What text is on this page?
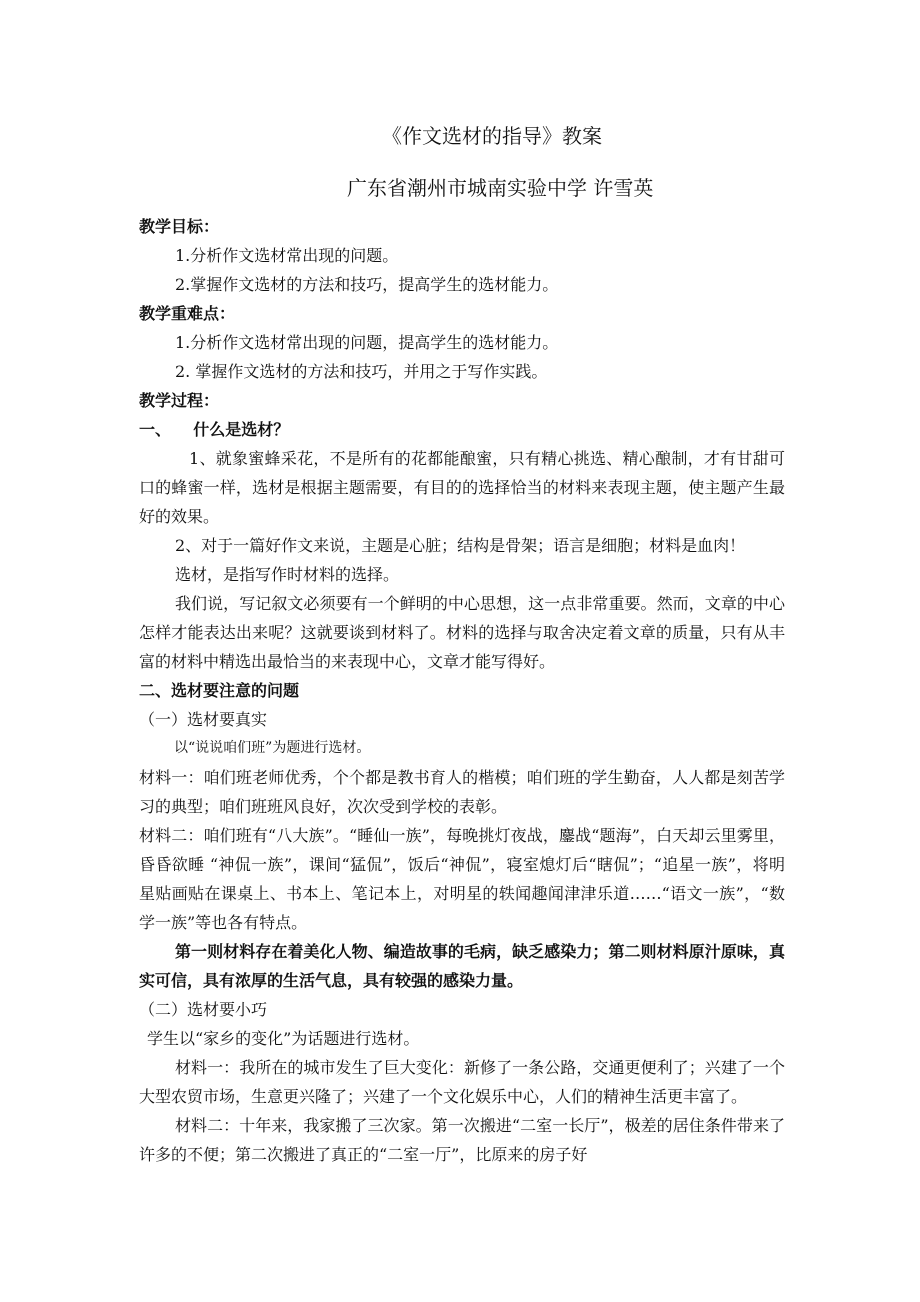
《作文选材的指导》教案
广东省潮州市城南实验中学 许雪英

教学目标：

1.分析作文选材常出现的问题。

2.掌握作文选材的方法和技巧，提高学生的选材能力。

教学重难点：

1.分析作文选材常出现的问题，提高学生的选材能力。

2. 掌握作文选材的方法和技巧，并用之于写作实践。

教学过程：

一、    什么是选材？

1、就象蜜蜂采花，不是所有的花都能酿蜜，只有精心挑选、精心酿制，才有甘甜可口的蜂蜜一样，选材是根据主题需要，有目的的选择恰当的材料来表现主题，使主题产生最好的效果。

2、对于一篇好作文来说，主题是心脏；结构是骨架；语言是细胞；材料是血肉！

选材，是指写作时材料的选择。

我们说，写记叙文必须要有一个鲜明的中心思想，这一点非常重要。然而，文章的中心怎样才能表达出来呢？这就要谈到材料了。材料的选择与取舍决定着文章的质量，只有从丰富的材料中精选出最恰当的来表现中心，文章才能写得好。

二、选材要注意的问题

（一）选材要真实

以“说说咱们班”为题进行选材。

材料一：咱们班老师优秀，个个都是教书育人的楷模；咱们班的学生勤奋，人人都是刻苦学习的典型；咱们班班风良好，次次受到学校的表彰。

材料二：咱们班有“八大族”。“睡仙一族”，每晚挑灯夜战，鏖战“题海”，白天却云里雾里，昏昏欲睡 “神侃一族”，课间“猛侃”，饭后“神侃”，寝室熄灯后“瞎侃”；“追星一族”，将明星贴画贴在课桌上、书本上、笔记本上，对明星的轶闻趣闻津津乐道……“语文一族”，“数学一族”等也各有特点。

第一则材料存在着美化人物、编造故事的毛病，缺乏感染力；第二则材料原汁原味，真实可信，具有浓厚的生活气息，具有较强的感染力量。

（二）选材要小巧

学生以“家乡的变化”为话题进行选材。

材料一：我所在的城市发生了巨大变化：新修了一条公路，交通更便利了；兴建了一个大型农贸市场，生意更兴隆了；兴建了一个文化娱乐中心，人们的精神生活更丰富了。

材料二：十年来，我家搬了三次家。第一次搬进“二室一长厅”，极差的居住条件带来了许多的不便；第二次搬进了真正的“二室一厅”，比原来的房子好
